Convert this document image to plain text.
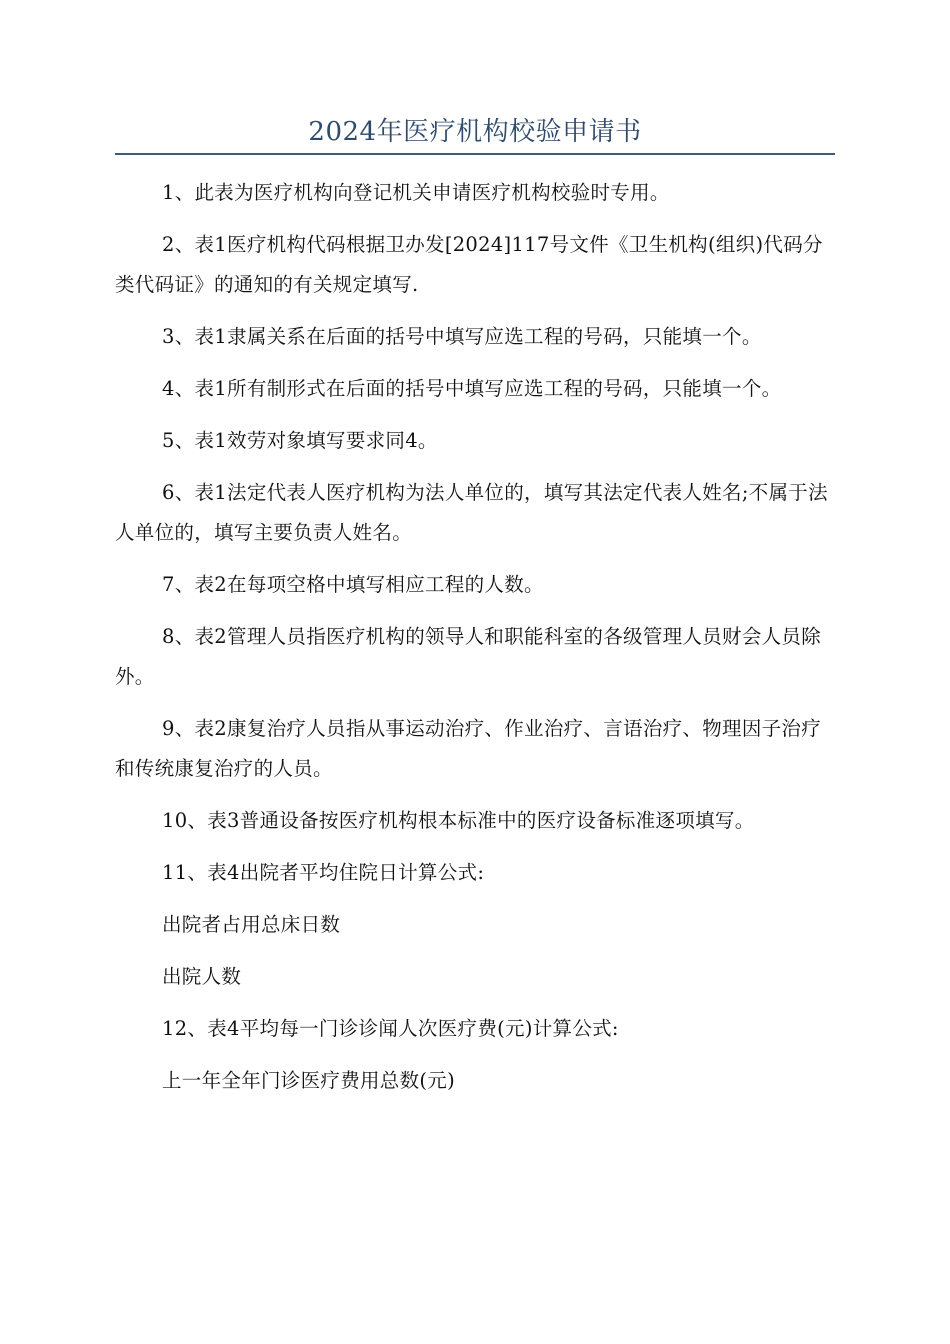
2024年医疗机构校验申请书

1、此表为医疗机构向登记机关申请医疗机构校验时专用。

2、表1医疗机构代码根据卫办发[2024]117号文件《卫生机构(组织)代码分类代码证》的通知的有关规定填写.

3、表1隶属关系在后面的括号中填写应选工程的号码，只能填一个。

4、表1所有制形式在后面的括号中填写应选工程的号码，只能填一个。

5、表1效劳对象填写要求同4。

6、表1法定代表人医疗机构为法人单位的，填写其法定代表人姓名;不属于法人单位的，填写主要负责人姓名。

7、表2在每项空格中填写相应工程的人数。

8、表2管理人员指医疗机构的领导人和职能科室的各级管理人员财会人员除外。

9、表2康复治疗人员指从事运动治疗、作业治疗、言语治疗、物理因子治疗和传统康复治疗的人员。

10、表3普通设备按医疗机构根本标准中的医疗设备标准逐项填写。

11、表4出院者平均住院日计算公式:

出院者占用总床日数

出院人数

12、表4平均每一门诊诊闻人次医疗费(元)计算公式:

上一年全年门诊医疗费用总数(元)
